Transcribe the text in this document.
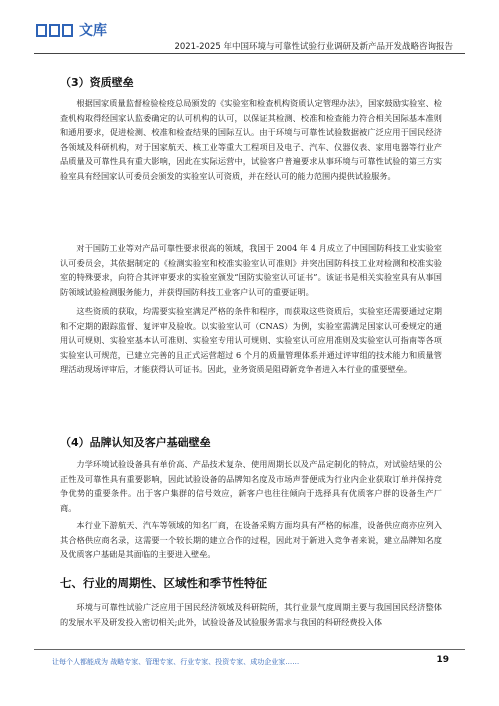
文库
2021-2025 年中国环境与可靠性试验行业调研及新产品开发战略咨询报告
（3）资质壁垒

根据国家质量监督检验检疫总局颁发的《实验室和检查机构资质认定管理办法》，国家鼓励实验室、检查机构取得经国家认监委确定的认可机构的认可，以保证其检测、校准和检查能力符合相关国际基本准则和通用要求，促进检测、校准和检查结果的国际互认。由于环境与可靠性试验数据被广泛应用于国民经济各领域及科研机构，对于国家航天、核工业等重大工程项目及电子、汽车、仪器仪表、家用电器等行业产品质量及可靠性具有重大影响，因此在实际运营中，试验客户普遍要求从事环境与可靠性试验的第三方实验室具有经国家认可委员会颁发的实验室认可资质，并在经认可的能力范围内提供试验服务。

对于国防工业等对产品可靠性要求很高的领域，我国于 2004 年 4 月成立了中国国防科技工业实验室认可委员会，其依据制定的《检测实验室和校准实验室认可准则》并突出国防科技工业对检测和校准实验室的特殊要求，向符合其评审要求的实验室颁发“国防实验室认可证书”。该证书是相关实验室具有从事国防领域试验检测服务能力，并获得国防科技工业客户认可的重要证明。

这些资质的获取，均需要实验室满足严格的条件和程序，而获取这些资质后，实验室还需要通过定期和不定期的跟踪监督、复评审及验收。以实验室认可（CNAS）为例，实验室需满足国家认可委规定的通用认可规则、实验室基本认可准则、实验室专用认可规则、实验室认可应用准则及实验室认可指南等各项实验室认可规范，已建立完善的且正式运营超过 6 个月的质量管理体系并通过评审组的技术能力和质量管理活动现场评审后，才能获得认可证书。因此，业务资质是阻碍新竞争者进入本行业的重要壁垒。

（4）品牌认知及客户基础壁垒

力学环境试验设备具有单价高、产品技术复杂、使用周期长以及产品定制化的特点，对试验结果的公正性及可靠性具有重要影响，因此试验设备的品牌知名度及市场声誉便成为行业内企业获取订单并保持竞争优势的重要条件。出于客户集群的信号效应，新客户也往往倾向于选择具有优质客户群的设备生产厂商。

本行业下游航天、汽车等领域的知名厂商，在设备采购方面均具有严格的标准，设备供应商亦应列入其合格供应商名录，这需要一个较长期的建立合作的过程，因此对于新进入竞争者来说，建立品牌知名度及优质客户基础是其面临的主要进入壁垒。

七、行业的周期性、区域性和季节性特征

环境与可靠性试验广泛应用于国民经济领域及科研院所，其行业景气度周期主要与我国国民经济整体的发展水平及研发投入密切相关;此外，试验设备及试验服务需求与我国的科研经费投入体

让每个人都能成为 战略专家、管理专家、行业专家、投资专家、成功企业家……	19
